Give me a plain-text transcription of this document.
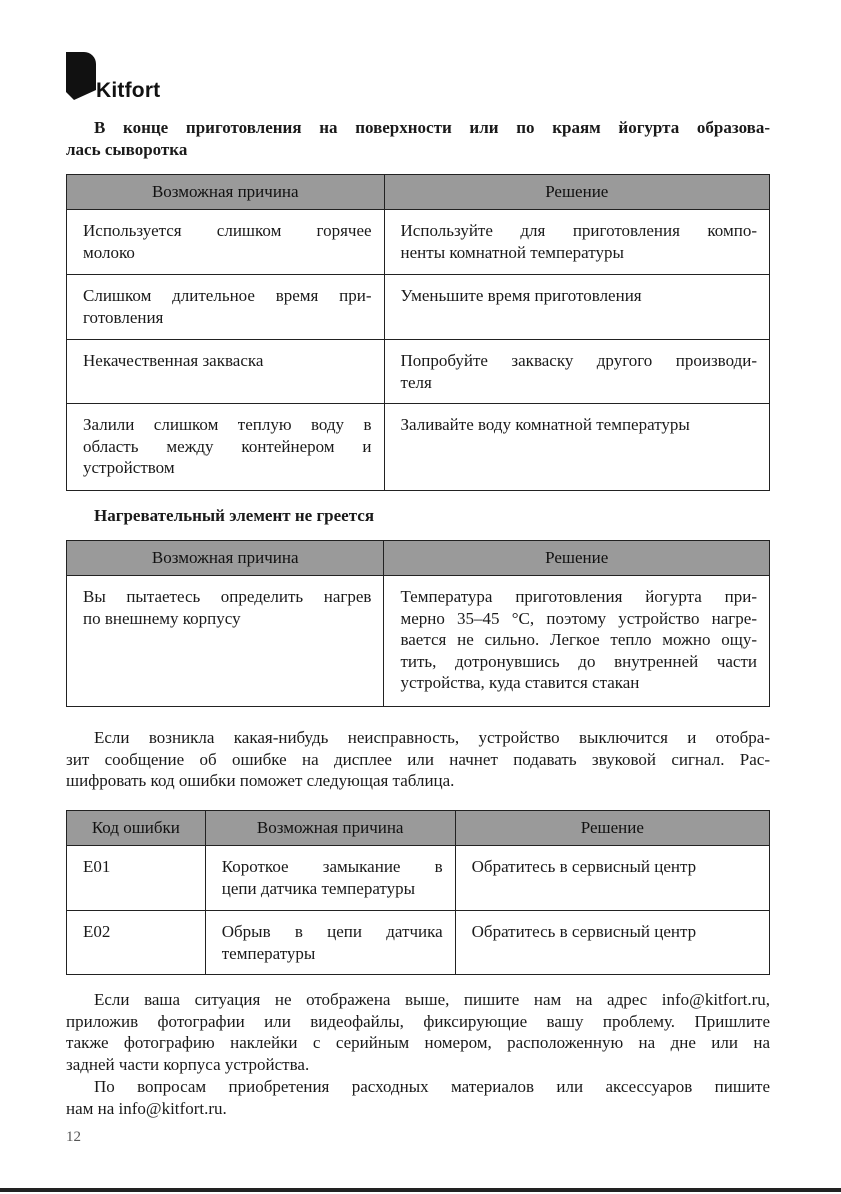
Kitfort
В конце приготовления на поверхности или по краям йогурта образова-
лась сыворотка
Возможная причина	Решение

Используется слишком горячее
молоко	Используйте для приготовления компо-
ненты комнатной температуры

Слишком длительное время при-
готовления	Уменьшите время приготовления

Некачественная закваска	Попробуйте закваску другого производи-
теля

Залили слишком теплую воду в
область между контейнером и
устройством	Заливайте воду комнатной температуры
Нагревательный элемент не греется
Возможная причина	Решение

Вы пытаетесь определить нагрев
по внешнему корпусу	Температура приготовления йогурта при-
мерно 35–45 °С, поэтому устройство нагре-
вается не сильно. Легкое тепло можно ощу-
тить, дотронувшись до внутренней части
устройства, куда ставится стакан
Если возникла какая-нибудь неисправность, устройство выключится и отобра-
зит сообщение об ошибке на дисплее или начнет подавать звуковой сигнал. Рас-
шифровать код ошибки поможет следующая таблица.
Код ошибки	Возможная причина	Решение
E01	Короткое замыкание в
цепи датчика температуры	Обратитесь в сервисный центр
E02	Обрыв в цепи датчика
температуры	Обратитесь в сервисный центр
Если ваша ситуация не отображена выше, пишите нам на адрес info@kitfort.ru,
приложив фотографии или видеофайлы, фиксирующие вашу проблему. Пришлите
также фотографию наклейки с серийным номером, расположенную на дне или на
задней части корпуса устройства.
По вопросам приобретения расходных материалов или аксессуаров пишите
нам на info@kitfort.ru.
12
